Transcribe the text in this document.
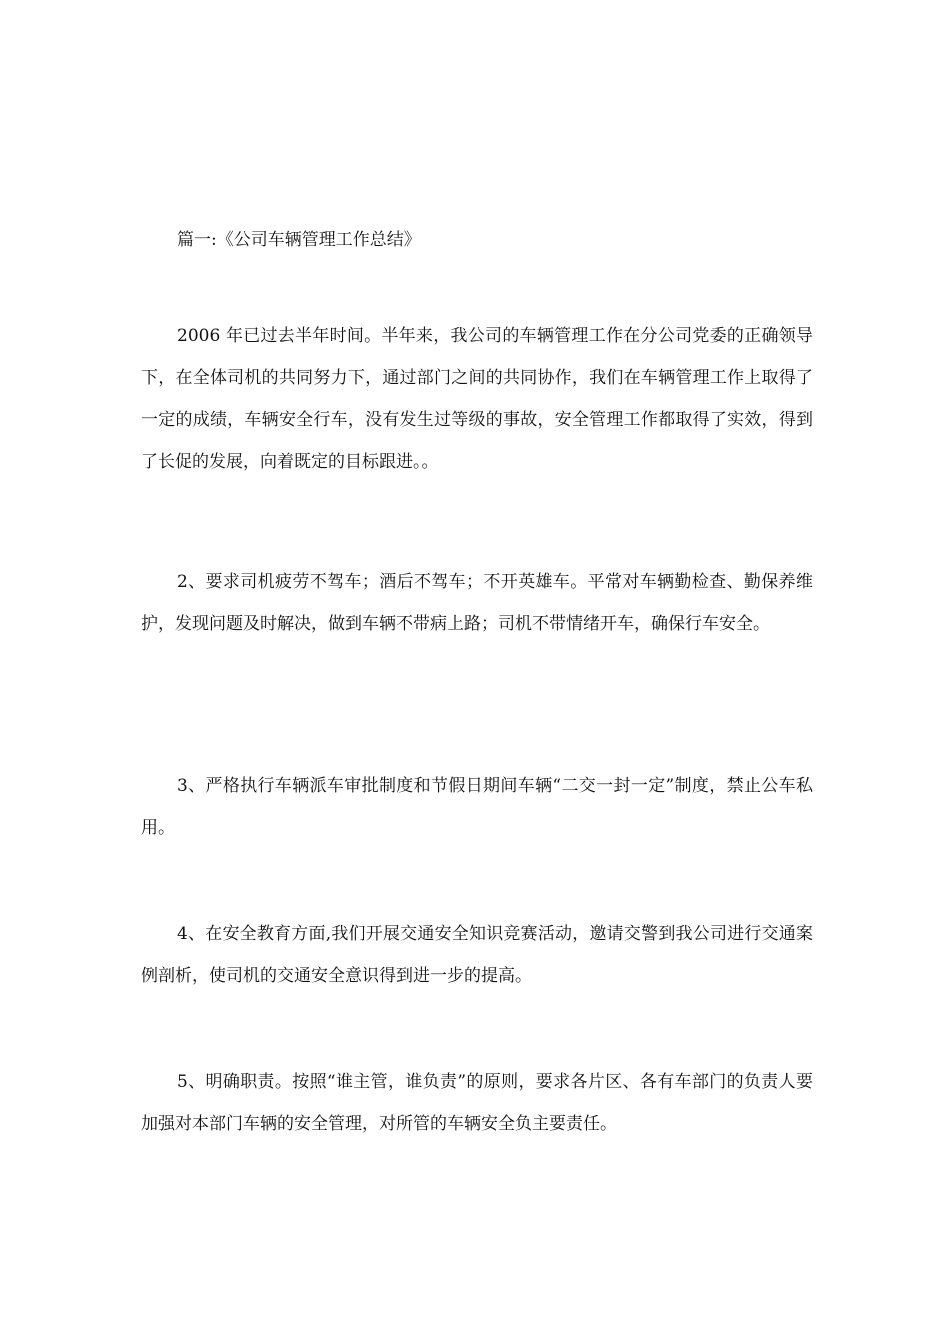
篇一:《公司车辆管理工作总结》

2006 年已过去半年时间。半年来，我公司的车辆管理工作在分公司党委的正确领导下，在全体司机的共同努力下，通过部门之间的共同协作，我们在车辆管理工作上取得了一定的成绩，车辆安全行车，没有发生过等级的事故，安全管理工作都取得了实效，得到了长促的发展，向着既定的目标跟进。。

2、要求司机疲劳不驾车；酒后不驾车；不开英雄车。平常对车辆勤检查、勤保养维护，发现问题及时解决，做到车辆不带病上路；司机不带情绪开车，确保行车安全。

3、严格执行车辆派车审批制度和节假日期间车辆“二交一封一定”制度，禁止公车私用。

4、在安全教育方面,我们开展交通安全知识竞赛活动，邀请交警到我公司进行交通案例剖析，使司机的交通安全意识得到进一步的提高。

5、明确职责。按照“谁主管，谁负责”的原则，要求各片区、各有车部门的负责人要加强对本部门车辆的安全管理，对所管的车辆安全负主要责任。
